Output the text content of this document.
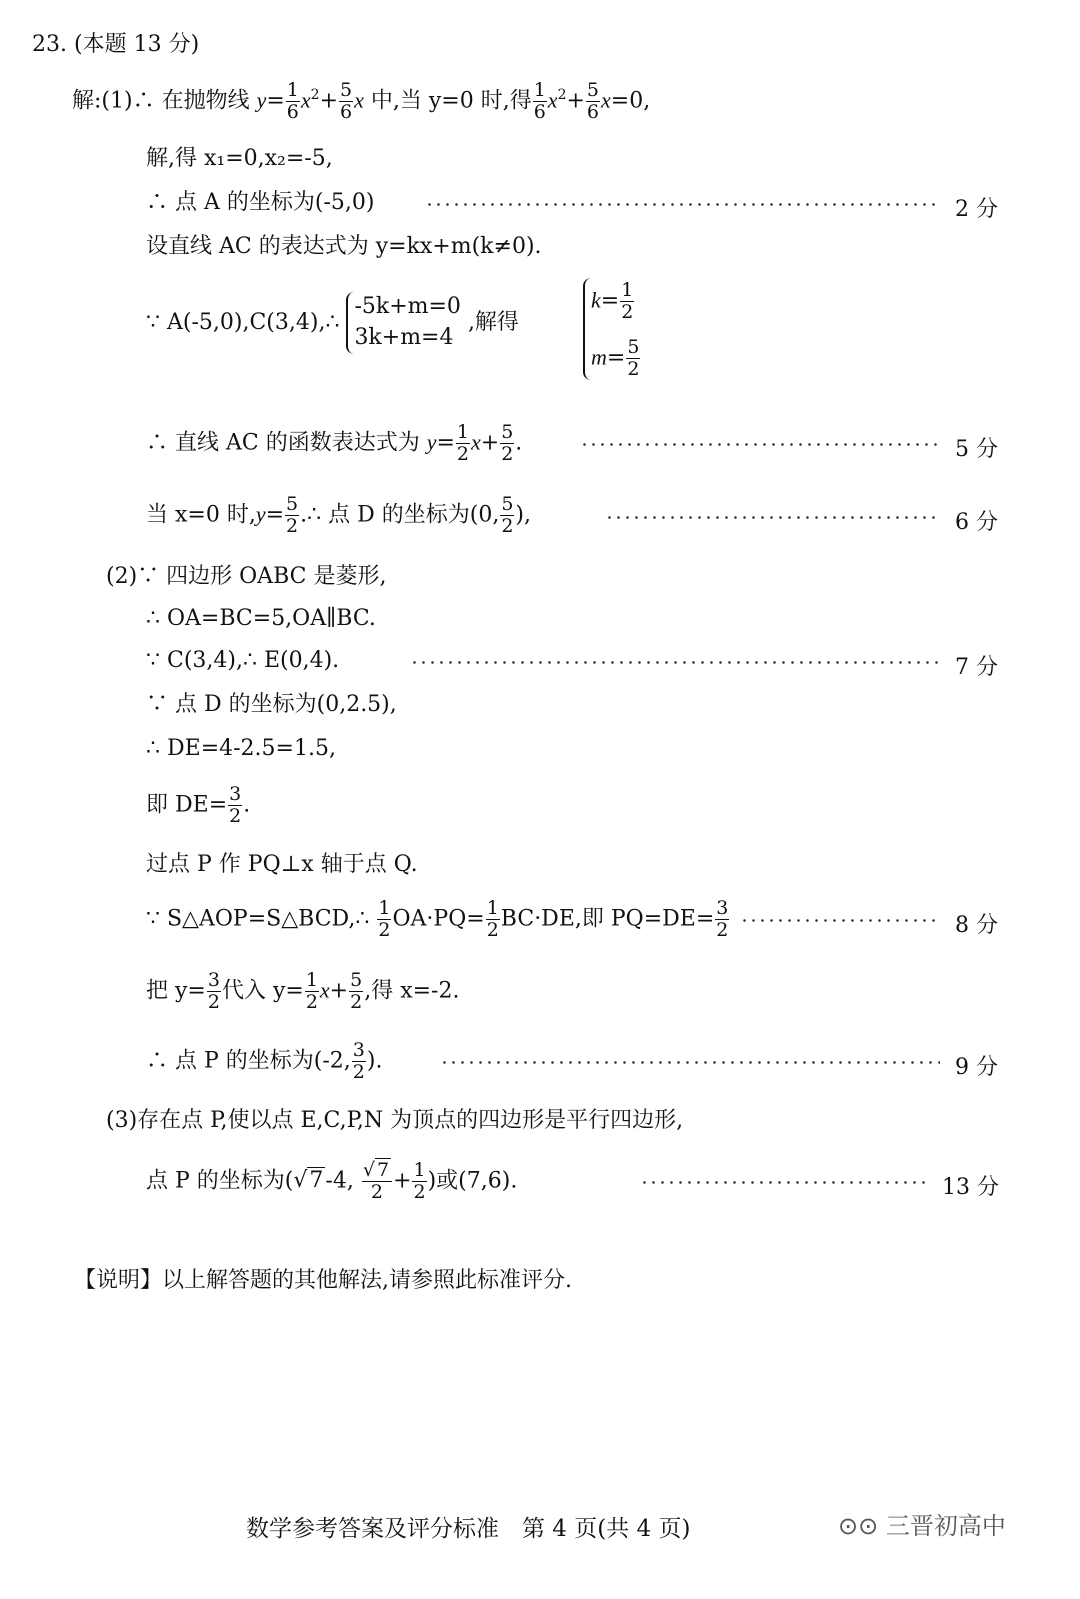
23. (本题 13 分)
解:(1)∴ 在抛物线 $y= \frac{1}{6} x^2+ \frac{5}{6}$ x 中,当 y=0 时,得 $\frac{1}{6} x^2+ \frac{5}{6} x=0$,
解,得 x₁=0,x₂=-5,
∴ 点 A 的坐标为(-5,0)	2 分
设直线 AC 的表达式为 y=kx+m(k≠0).
∵ A(-5,0),C(3,4),∴
-5k+m=0
3k+m=4
,解得
$k= \frac{1}{2}$
$m= \frac{5}{2}$
∴ 直线 AC 的函数表达式为 $y= \frac{1}{2} x+ \frac{5}{2}$ .	5 分
当 x=0 时$,y= \frac{5}{2}$ .∴ 点 D 的坐标为(0, $\frac{5}{2}$ ),	6 分
(2)∵ 四边形 OABC 是菱形,
∴ OA=BC=5,OA∥BC.
∵ C(3,4),∴ E(0,4).	7 分
∵ 点 D 的坐标为(0,2.5),
∴ DE=4-2.5=1.5,
即 $DE= \frac{3}{2}$ .
过点 P 作 PQ⊥x 轴于点 Q.
∵ S△AOP=S△BCD,∴ $\frac{1}{2} OA\cdot PQ= \frac{1}{2} BC\cdot DE$,即 $PQ=DE= \frac{3}{2}$	8 分
把 $y= \frac{3}{2}$ 代入 $y= \frac{1}{2} x+ \frac{5}{2}$ ,得 x=-2.
∴ 点 P 的坐标为(-2, $\frac{3}{2}$ ).	9 分
(3)存在点 P,使以点 E,C,P,N 为顶点的四边形是平行四边形,
点 P 的坐标为(√7-4, $\frac{√ 7}{2} + \frac{1}{2}$ )或(7,6).	13 分
【说明】以上解答题的其他解法,请参照此标准评分.
数学参考答案及评分标准　第 4 页(共 4 页)	⊙⊙ 三晋初高中
